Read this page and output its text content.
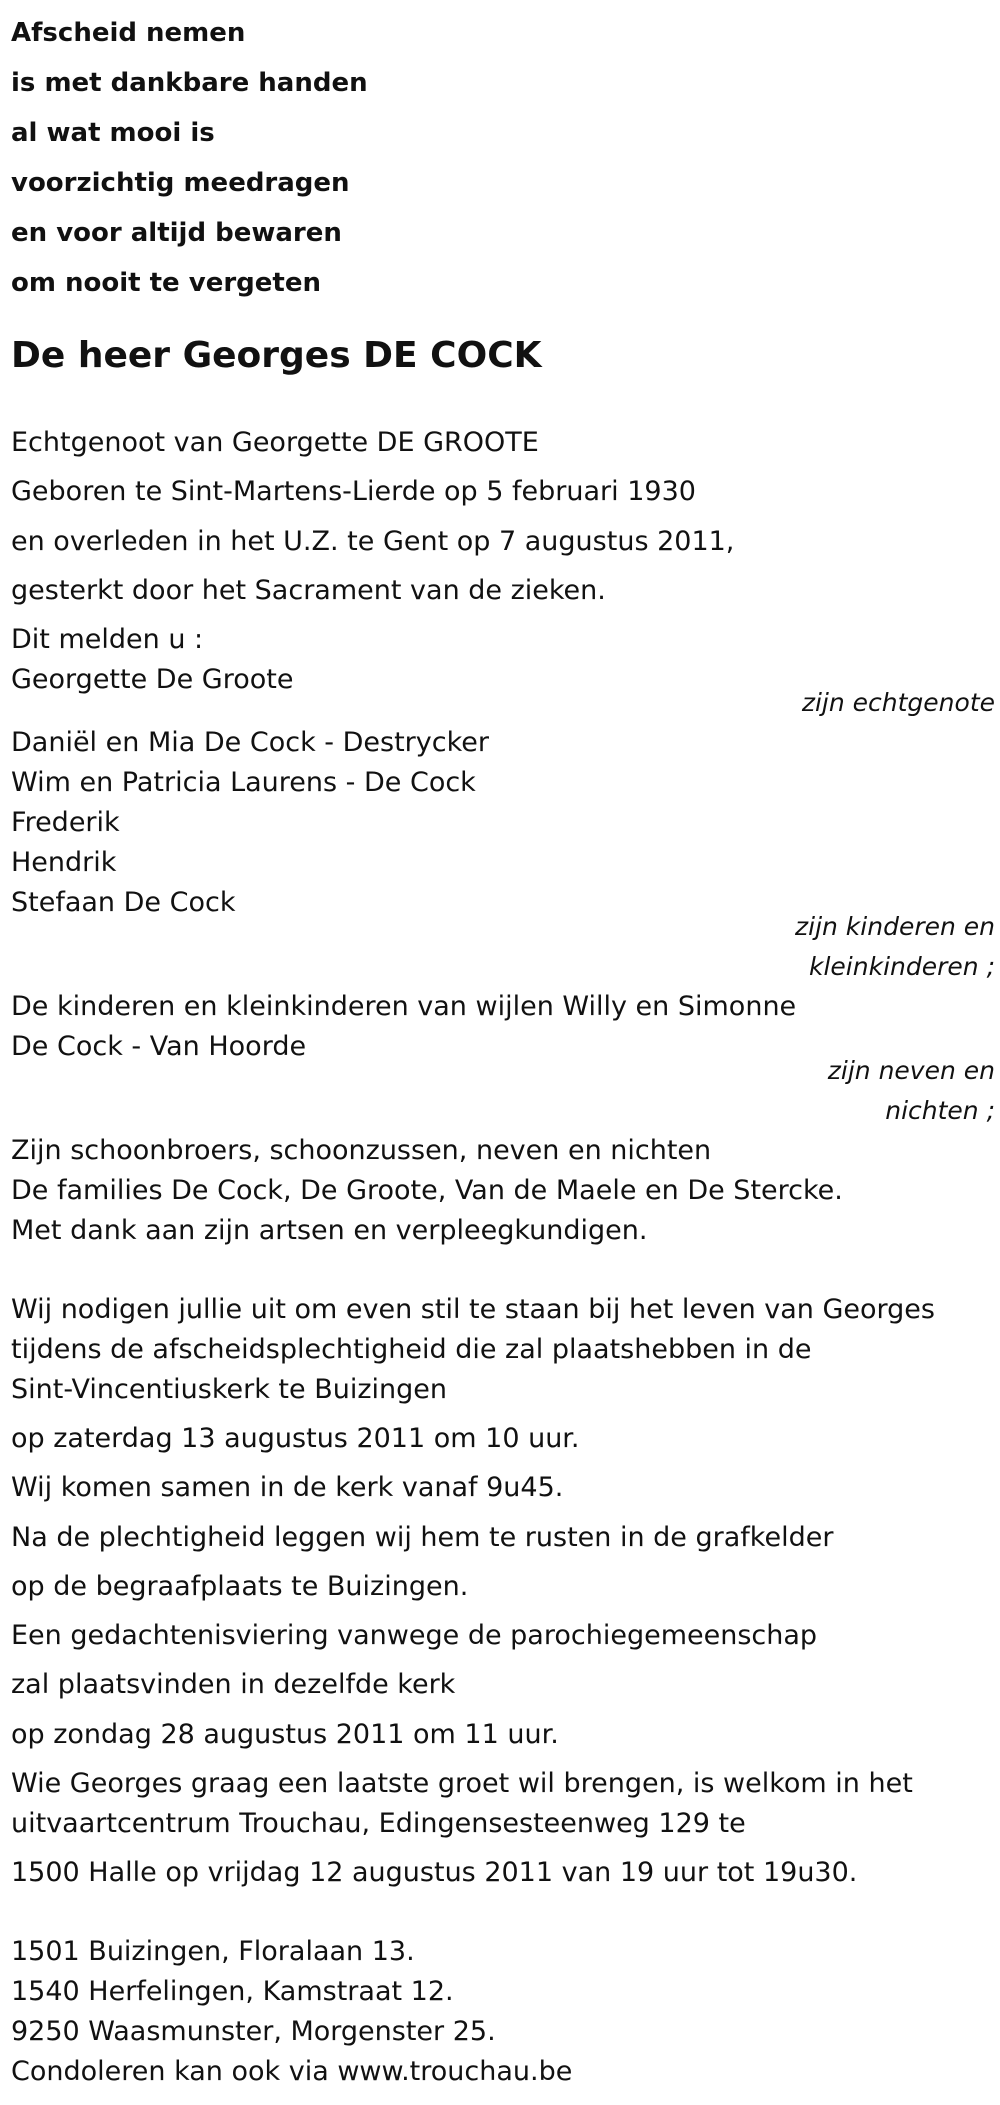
Afscheid nemen
is met dankbare handen
al wat mooi is
voorzichtig meedragen
en voor altijd bewaren
om nooit te vergeten
De heer Georges DE COCK
Echtgenoot van Georgette DE GROOTE
Geboren te Sint-Martens-Lierde op 5 februari 1930
en overleden in het U.Z. te Gent op 7 augustus 2011,
gesterkt door het Sacrament van de zieken.
Dit melden u :
Georgette De Groote
zijn echtgenote
Daniël en Mia De Cock - Destrycker
Wim en Patricia Laurens - De Cock
Frederik
Hendrik
Stefaan De Cock
zijn kinderen en
kleinkinderen ;
De kinderen en kleinkinderen van wijlen Willy en Simonne
De Cock - Van Hoorde
zijn neven en
nichten ;
Zijn schoonbroers, schoonzussen, neven en nichten
De families De Cock, De Groote, Van de Maele en De Stercke.
Met dank aan zijn artsen en verpleegkundigen.
Wij nodigen jullie uit om even stil te staan bij het leven van Georges
tijdens de afscheidsplechtigheid die zal plaatshebben in de
Sint-Vincentiuskerk te Buizingen
op zaterdag 13 augustus 2011 om 10 uur.
Wij komen samen in de kerk vanaf 9u45.
Na de plechtigheid leggen wij hem te rusten in de grafkelder
op de begraafplaats te Buizingen.
Een gedachtenisviering vanwege de parochiegemeenschap
zal plaatsvinden in dezelfde kerk
op zondag 28 augustus 2011 om 11 uur.
Wie Georges graag een laatste groet wil brengen, is welkom in het
uitvaartcentrum Trouchau, Edingensesteenweg 129 te
1500 Halle op vrijdag 12 augustus 2011 van 19 uur tot 19u30.
1501 Buizingen, Floralaan 13.
1540 Herfelingen, Kamstraat 12.
9250 Waasmunster, Morgenster 25.
Condoleren kan ook via www.trouchau.be
